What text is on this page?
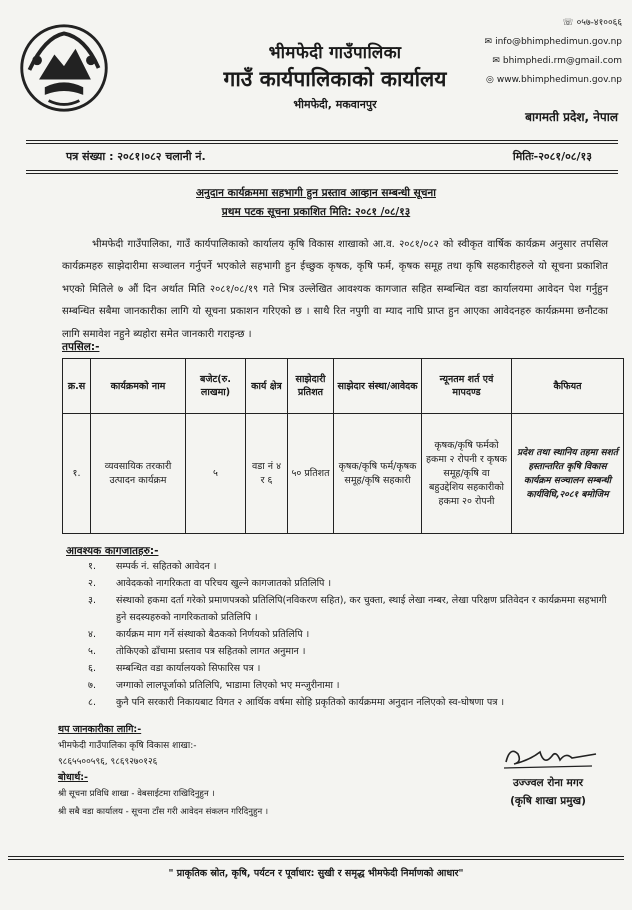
भीमफेदी गाउँपालिका
गाउँ कार्यपालिकाको कार्यालय
भीमफेदी, मकवानपुर
☏ ०५७-४१००६६
✉ info@bhimphedimun.gov.np
✉ bhimphedi.rm@gmail.com
◎ www.bhimphedimun.gov.np
बागमती प्रदेश, नेपाल
पत्र संख्या : २०८१।०८२ चलानी नं.	मितिः-२०८१/०८/१३
अनुदान कार्यक्रममा सहभागी हुन प्रस्ताव आव्हान सम्बन्धी सूचना
प्रथम पटक सूचना प्रकाशित मिति: २०८१ /०८/१३
भीमफेदी गाउँपालिका, गाउँ कार्यपालिकाको कार्यालय कृषि विकास शाखाको आ.व. २०८१/०८२ को स्वीकृत वार्षिक कार्यक्रम अनुसार तपसिल कार्यक्रमहरु साझेदारीमा सञ्चालन गर्नुपर्ने भएकोले सहभागी हुन ईच्छुक कृषक, कृषि फर्म, कृषक समूह तथा कृषि सहकारीहरुले यो सूचना प्रकाशित भएको मितिले ७ औं दिन अर्थात मिति २०८१/०८/१९ गते भित्र उल्लेखित आवश्यक कागजात सहित सम्बन्धित वडा कार्यालयमा आवेदन पेश गर्नुहुन सम्बन्धित सबैमा जानकारीका लागि यो सूचना प्रकाशन गरिएको छ । साथै रित नपुगी वा म्याद नाघि प्राप्त हुन आएका आवेदनहरु कार्यक्रममा छनौटका लागि समावेश नहुने ब्यहोरा समेत जानकारी गराइन्छ ।
तपसिल:-
क्र.स	कार्यक्रमको नाम	बजेट(रु. लाखमा)	कार्य क्षेत्र	साझेदारी प्रतिशत	साझेदार संस्था/आवेदक	न्यूनतम शर्त एवं मापदण्ड	कैफियत
१.	व्यवसायिक तरकारी उत्पादन कार्यक्रम	५	वडा नं ४ र ६	५० प्रतिशत	कृषक/कृषि फर्म/कृषक समूह/कृषि सहकारी	कृषक/कृषि फर्मको हकमा २ रोपनी र कृषक समूह/कृषि वा बहुउद्देशिय सहकारीको हकमा २० रोपनी	प्रदेश तथा स्थानिय तहमा सशर्त हस्तान्तरित कृषि विकास कार्यक्रम सञ्चालन सम्बन्धी कार्यविधि,२०८१ बमोजिम
आवश्यक कागजातहरु:-
१.	सम्पर्क नं. सहितको आवेदन ।
२.	आवेदकको नागरिकता वा परिचय खुल्ने कागजातको प्रतिलिपि ।
३.	संस्थाको हकमा दर्ता गरेको प्रमाणपत्रको प्रतिलिपि(नविकरण सहित), कर चुक्ता, स्थाई लेखा नम्बर, लेखा परिक्षण प्रतिवेदन र कार्यक्रममा सहभागी हुने सदस्यहरुको नागरिकताको प्रतिलिपि ।
४.	कार्यक्रम माग गर्ने संस्थाको बैठकको निर्णयको प्रतिलिपि ।
५.	तोकिएको ढाँचामा प्रस्ताव पत्र सहितको लागत अनुमान ।
६.	सम्बन्धित वडा कार्यालयको सिफारिस पत्र ।
७.	जग्गाको लालपूर्जाको प्रतिलिपि, भाडामा लिएको भए मन्जुरीनामा ।
८.	कुनै पनि सरकारी निकायबाट विगत २ आर्थिक वर्षमा सोहि प्रकृतिको कार्यक्रममा अनुदान नलिएको स्व-घोषणा पत्र ।
थप जानकारीका लागि:-
भीमफेदी गाउँपालिका कृषि विकास शाखा:-
९८६५५००५९६, ९८६९२७०१२६
बोधार्थ:-
श्री सूचना प्रविधि शाखा - वेबसाईटमा राखिदिनुहुन ।
श्री सबै वडा कार्यालय - सूचना टाँस गरी आवेदन संकलन गरिदिनुहुन ।
उज्ज्वल रोना मगर
(कृषि शाखा प्रमुख)
" प्राकृतिक स्रोत, कृषि, पर्यटन र पूर्वाधार: सुखी र समृद्ध भीमफेदी निर्माणको आधार"
